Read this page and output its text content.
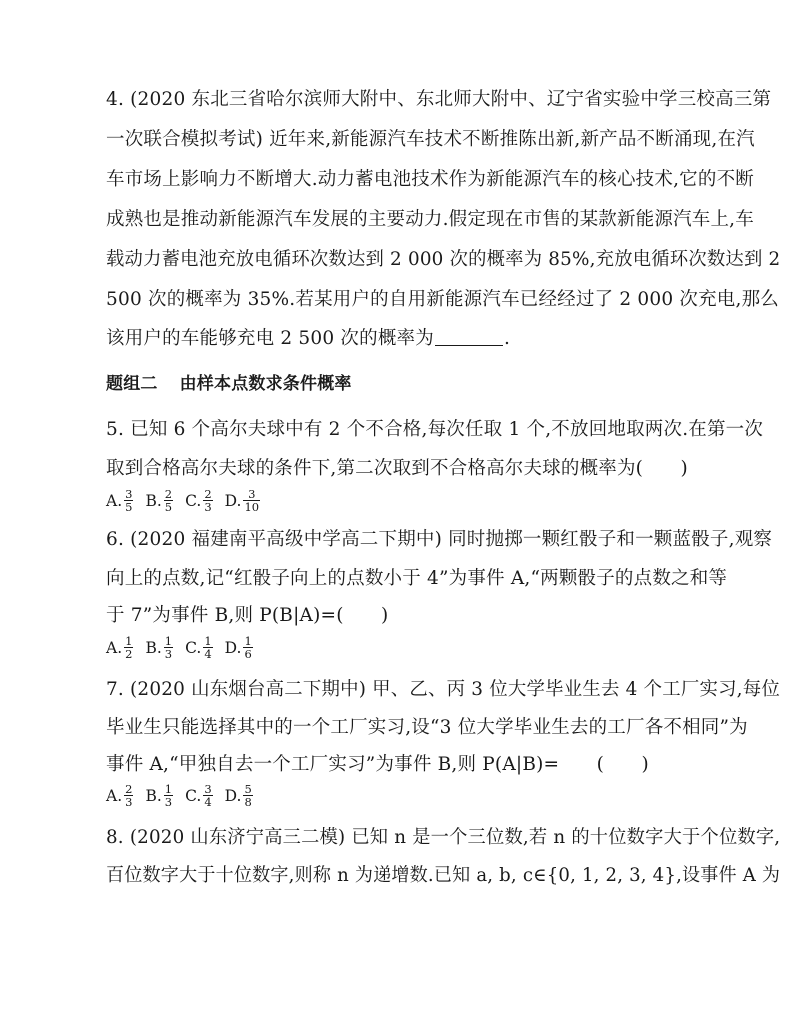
4. (2020 东北三省哈尔滨师大附中、东北师大附中、辽宁省实验中学三校高三第
一次联合模拟考试) 近年来,新能源汽车技术不断推陈出新,新产品不断涌现,在汽
车市场上影响力不断增大.动力蓄电池技术作为新能源汽车的核心技术,它的不断
成熟也是推动新能源汽车发展的主要动力.假定现在市售的某款新能源汽车上,车
载动力蓄电池充放电循环次数达到 2 000 次的概率为 85%,充放电循环次数达到 2
500 次的概率为 35%.若某用户的自用新能源汽车已经经过了 2 000 次充电,那么
该用户的车能够充电 2 500 次的概率为	.
题组二 由样本点数求条件概率
5. 已知 6 个高尔夫球中有 2 个不合格,每次任取 1 个,不放回地取两次.在第一次
取到合格高尔夫球的条件下,第二次取到不合格高尔夫球的概率为(　　)
A. $\frac{3}{5} B$. $\frac{2}{5} C$. $\frac{2}{3} D$. $\frac{3}{10}$
6. (2020 福建南平高级中学高二下期中) 同时抛掷一颗红骰子和一颗蓝骰子,观察
向上的点数,记“红骰子向上的点数小于 4”为事件 A,“两颗骰子的点数之和等
于 7”为事件 B,则 P(B|A)=(　　)
A. $\frac{1}{2} B$. $\frac{1}{3} C$. $\frac{1}{4} D$. $\frac{1}{6}$
7. (2020 山东烟台高二下期中) 甲、乙、丙 3 位大学毕业生去 4 个工厂实习,每位
毕业生只能选择其中的一个工厂实习,设“3 位大学毕业生去的工厂各不相同”为
事件 A,“甲独自去一个工厂实习”为事件 B,则 P(A|B)=　　(　　)
A. $\frac{2}{3} B$. $\frac{1}{3} C$. $\frac{3}{4} D$. $\frac{5}{8}$
8. (2020 山东济宁高三二模) 已知 n 是一个三位数,若 n 的十位数字大于个位数字,
百位数字大于十位数字,则称 n 为递增数.已知 a, b, c∈{0, 1, 2, 3, 4},设事件 A 为
